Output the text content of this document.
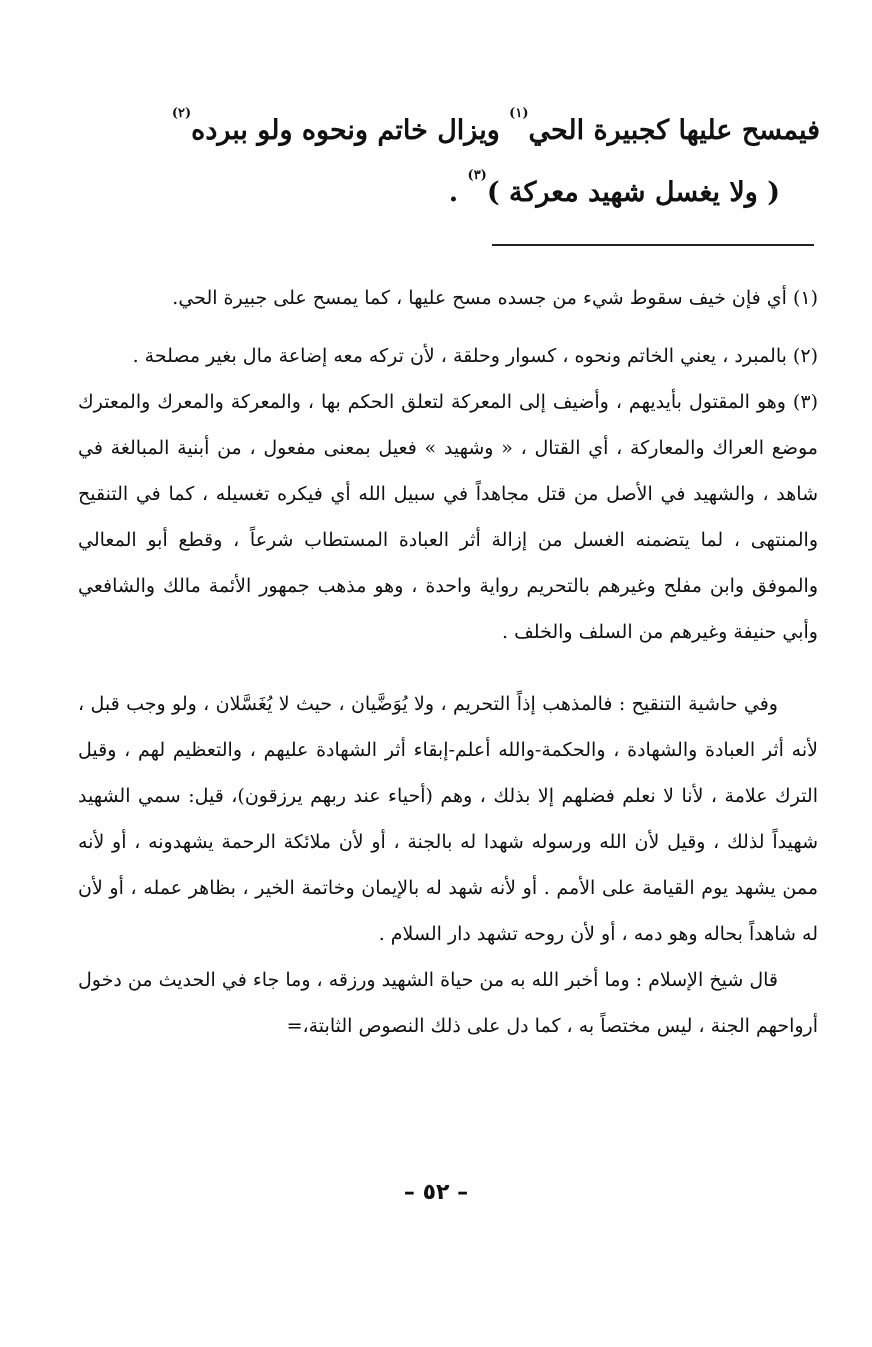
فيمسح عليها كجبيرة الحي$^{(١)}$ ويزال خاتم ونحوه ولو ببرده$^{(٢)}$

( ولا يغسل شهيد معركة )$^{(٣)}$ .

(١) أي فإن خيف سقوط شيء من جسده مسح عليها ، كما يمسح على جبيرة الحي.

(٢) بالمبرد ، يعني الخاتم ونحوه ، كسوار وحلقة ، لأن تركه معه إضاعة مال بغير مصلحة .

(٣) وهو المقتول بأيديهم ، وأضيف إلى المعركة لتعلق الحكم بها ، والمعركة والمعرك والمعترك موضع العراك والمعاركة ، أي القتال ، « وشهيد » فعيل بمعنى مفعول ، من أبنية المبالغة في شاهد ، والشهيد في الأصل من قتل مجاهداً في سبيل الله أي فيكره تغسيله ، كما في التنقيح والمنتهى ، لما يتضمنه الغسل من إزالة أثر العبادة المستطاب شرعاً ، وقطع أبو المعالي والموفق وابن مفلح وغيرهم بالتحريم رواية واحدة ، وهو مذهب جمهور الأئمة مالك والشافعي وأبي حنيفة وغيرهم من السلف والخلف .

وفي حاشية التنقيح : فالمذهب إذاً التحريم ، ولا يُوَضَّيان ، حيث لا يُغَسَّلان ، ولو وجب قبل ، لأنه أثر العبادة والشهادة ، والحكمة-والله أعلم-إبقاء أثر الشهادة عليهم ، والتعظيم لهم ، وقيل الترك علامة ، لأنا لا نعلم فضلهم إلا بذلك ، وهم (أحياء عند ربهم يرزقون)، قيل: سمي الشهيد شهيداً لذلك ، وقيل لأن الله ورسوله شهدا له بالجنة ، أو لأن ملائكة الرحمة يشهدونه ، أو لأنه ممن يشهد يوم القيامة على الأمم . أو لأنه شهد له بالإيمان وخاتمة الخير ، بظاهر عمله ، أو لأن له شاهداً بحاله وهو دمه ، أو لأن روحه تشهد دار السلام .

قال شيخ الإسلام : وما أخبر الله به من حياة الشهيد ورزقه ، وما جاء في الحديث من دخول أرواحهم الجنة ، ليس مختصاً به ، كما دل على ذلك النصوص الثابتة،=

– ٥٢ –
